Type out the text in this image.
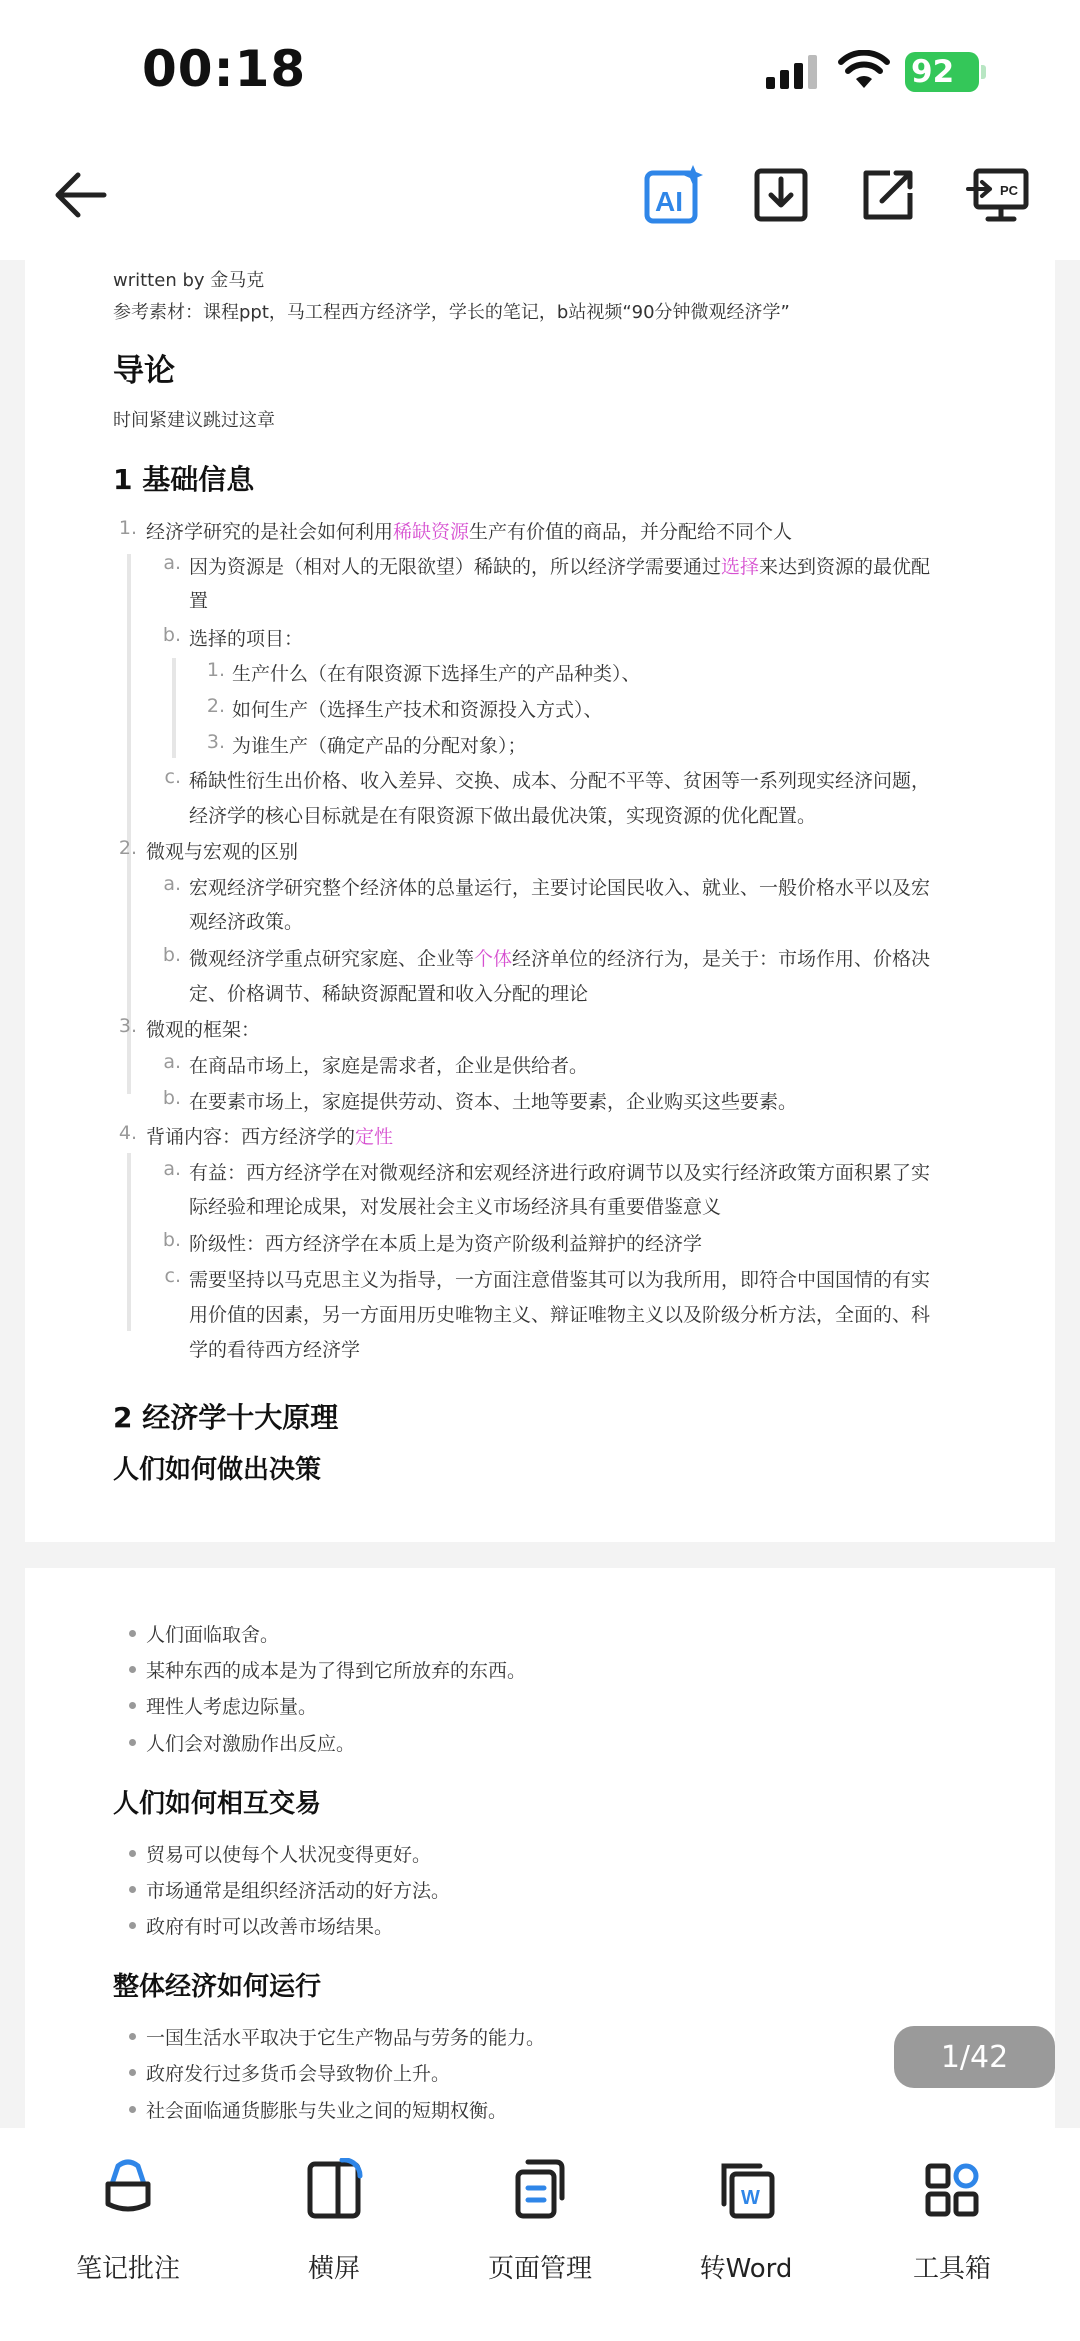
00:18	92
AI	PC
written by 金马克
参考素材：课程ppt，马工程西方经济学，学长的笔记，b站视频“90分钟微观经济学”
导论
时间紧建议跳过这章
1 基础信息
1. 经济学研究的是社会如何利用稀缺资源生产有价值的商品，并分配给不同个人
a. 因为资源是（相对人的无限欲望）稀缺的，所以经济学需要通过选择来达到资源的最优配
置
b. 选择的项目：
1. 生产什么（在有限资源下选择生产的产品种类）、
2. 如何生产（选择生产技术和资源投入方式）、
3. 为谁生产（确定产品的分配对象）；
c. 稀缺性衍生出价格、收入差异、交换、成本、分配不平等、贫困等一系列现实经济问题，
经济学的核心目标就是在有限资源下做出最优决策，实现资源的优化配置。
2. 微观与宏观的区别
a. 宏观经济学研究整个经济体的总量运行，主要讨论国民收入、就业、一般价格水平以及宏
观经济政策。
b. 微观经济学重点研究家庭、企业等个体经济单位的经济行为，是关于：市场作用、价格决
定、价格调节、稀缺资源配置和收入分配的理论
3. 微观的框架：
a. 在商品市场上，家庭是需求者，企业是供给者。
b. 在要素市场上，家庭提供劳动、资本、土地等要素，企业购买这些要素。
4. 背诵内容：西方经济学的定性
a. 有益：西方经济学在对微观经济和宏观经济进行政府调节以及实行经济政策方面积累了实
际经验和理论成果，对发展社会主义市场经济具有重要借鉴意义
b. 阶级性：西方经济学在本质上是为资产阶级利益辩护的经济学
c. 需要坚持以马克思主义为指导，一方面注意借鉴其可以为我所用，即符合中国国情的有实
用价值的因素，另一方面用历史唯物主义、辩证唯物主义以及阶级分析方法，全面的、科
学的看待西方经济学
2 经济学十大原理
人们如何做出决策
人们面临取舍。
某种东西的成本是为了得到它所放弃的东西。
理性人考虑边际量。
人们会对激励作出反应。
人们如何相互交易
贸易可以使每个人状况变得更好。
市场通常是组织经济活动的好方法。
政府有时可以改善市场结果。
整体经济如何运行
一国生活水平取决于它生产物品与劳务的能力。
政府发行过多货币会导致物价上升。
社会面临通货膨胀与失业之间的短期权衡。
1/42
笔记批注	横屏	页面管理
W
转Word	工具箱
